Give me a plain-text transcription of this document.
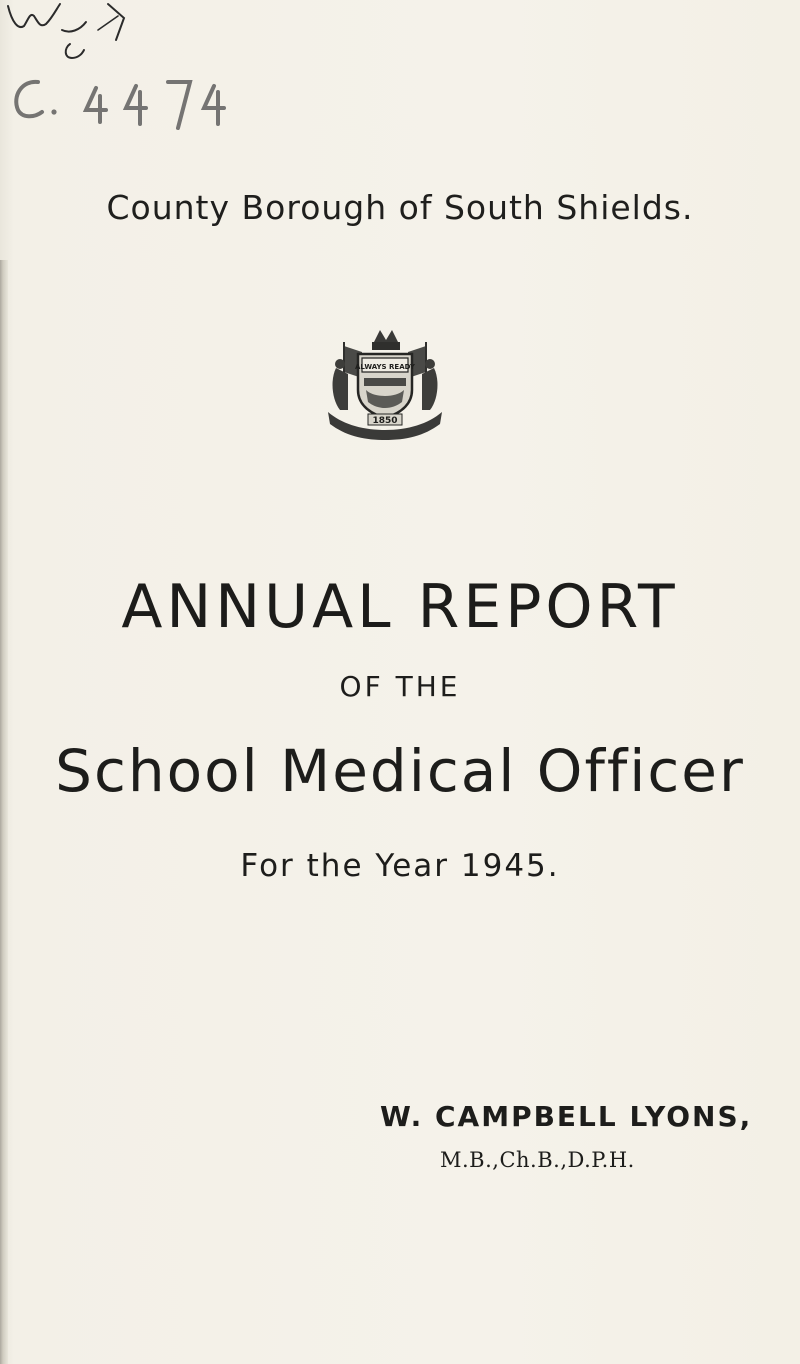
County Borough of South Shields.
ALWAYS READY
1850
ANNUAL REPORT
OF THE
School Medical Officer
For the Year 1945.
W. CAMPBELL LYONS,
M.B.,Ch.B.,D.P.H.
